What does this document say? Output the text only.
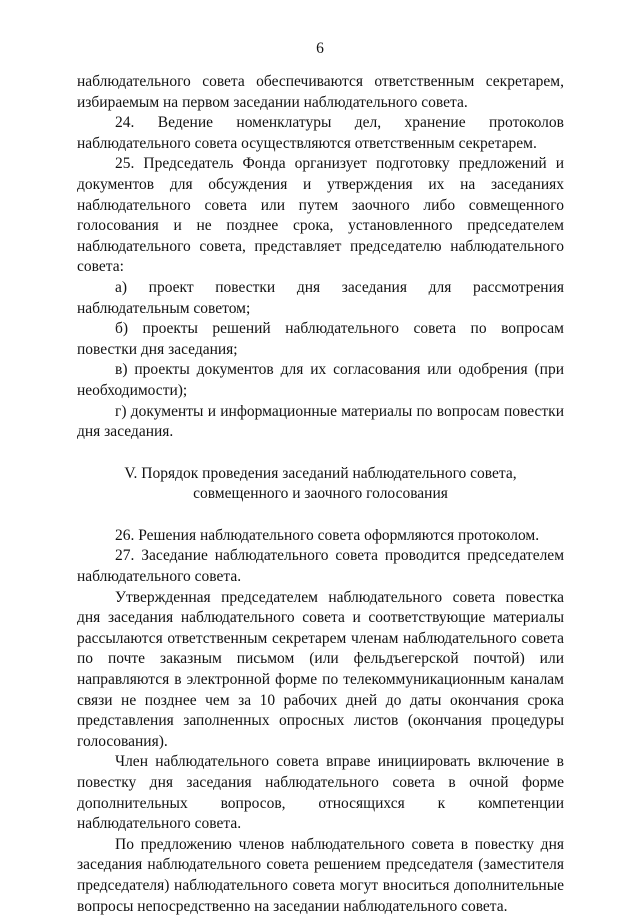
6

наблюдательного совета обеспечиваются ответственным секретарем, избираемым на первом заседании наблюдательного совета.

24. Ведение номенклатуры дел, хранение протоколов наблюдательного совета осуществляются ответственным секретарем.

25. Председатель Фонда организует подготовку предложений и документов для обсуждения и утверждения их на заседаниях наблюдательного совета или путем заочного либо совмещенного голосования и не позднее срока, установленного председателем наблюдательного совета, представляет председателю наблюдательного совета:

а) проект повестки дня заседания для рассмотрения наблюдательным советом;

б) проекты решений наблюдательного совета по вопросам повестки дня заседания;

в) проекты документов для их согласования или одобрения (при необходимости);

г) документы и информационные материалы по вопросам повестки дня заседания.

V. Порядок проведения заседаний наблюдательного совета,
совмещенного и заочного голосования

26. Решения наблюдательного совета оформляются протоколом.

27. Заседание наблюдательного совета проводится председателем наблюдательного совета.

Утвержденная председателем наблюдательного совета повестка дня заседания наблюдательного совета и соответствующие материалы рассылаются ответственным секретарем членам наблюдательного совета по почте заказным письмом (или фельдъегерской почтой) или направляются в электронной форме по телекоммуникационным каналам связи не позднее чем за 10 рабочих дней до даты окончания срока представления заполненных опросных листов (окончания процедуры голосования).

Член наблюдательного совета вправе инициировать включение в повестку дня заседания наблюдательного совета в очной форме дополнительных вопросов, относящихся к компетенции наблюдательного совета.

По предложению членов наблюдательного совета в повестку дня заседания наблюдательного совета решением председателя (заместителя председателя) наблюдательного совета могут вноситься дополнительные вопросы непосредственно на заседании наблюдательного совета.
